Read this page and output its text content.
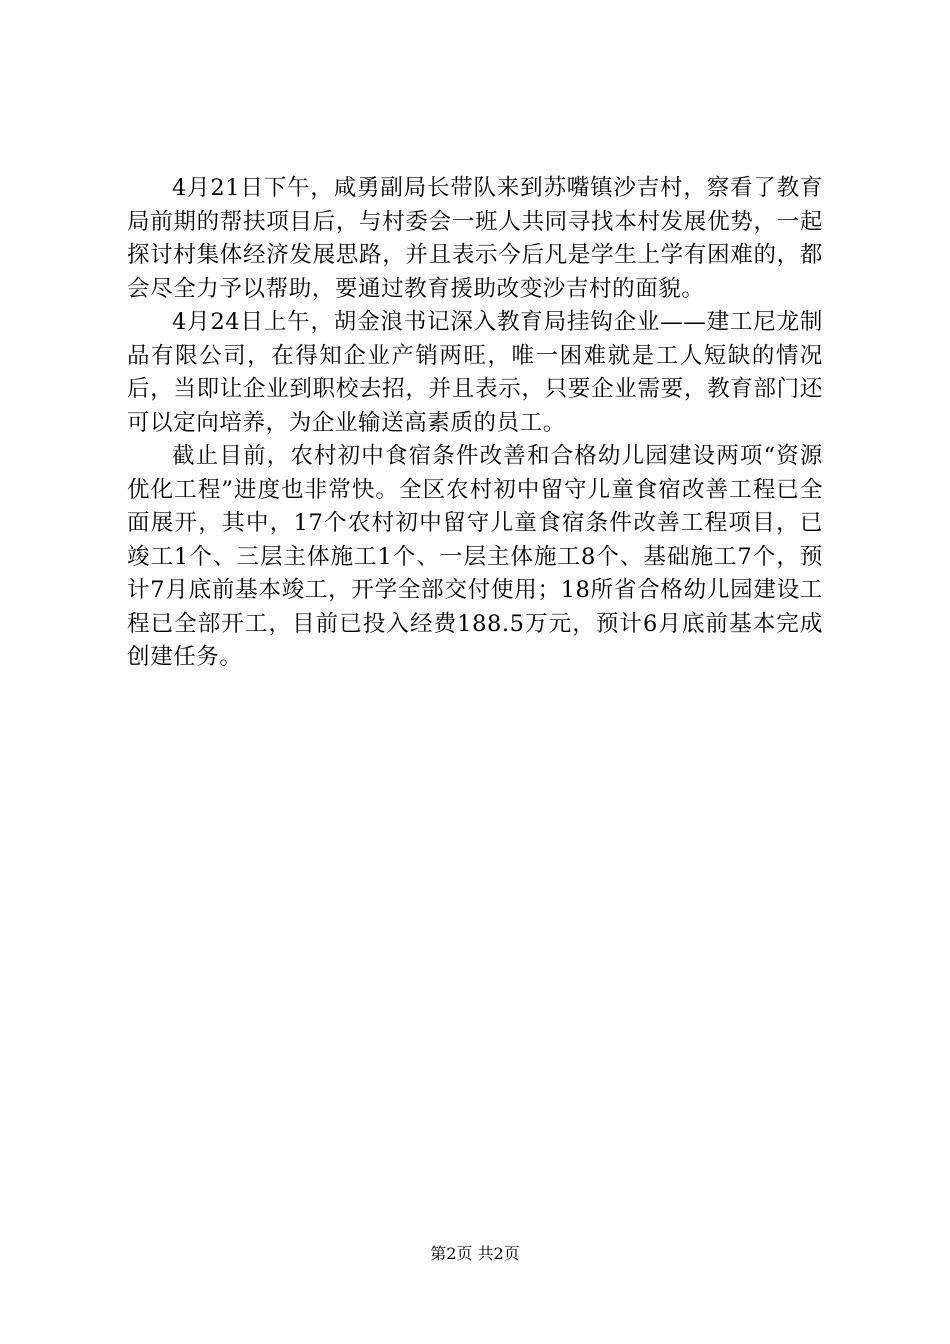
4月21日下午，咸勇副局长带队来到苏嘴镇沙吉村，察看了教育局前期的帮扶项目后，与村委会一班人共同寻找本村发展优势，一起探讨村集体经济发展思路，并且表示今后凡是学生上学有困难的，都会尽全力予以帮助，要通过教育援助改变沙吉村的面貌。

4月24日上午，胡金浪书记深入教育局挂钩企业——建工尼龙制品有限公司，在得知企业产销两旺，唯一困难就是工人短缺的情况后，当即让企业到职校去招，并且表示，只要企业需要，教育部门还可以定向培养，为企业输送高素质的员工。

截止目前，农村初中食宿条件改善和合格幼儿园建设两项“资源优化工程”进度也非常快。全区农村初中留守儿童食宿改善工程已全面展开，其中，17个农村初中留守儿童食宿条件改善工程项目，已竣工1个、三层主体施工1个、一层主体施工8个、基础施工7个，预计7月底前基本竣工，开学全部交付使用；18所省合格幼儿园建设工程已全部开工，目前已投入经费188.5万元，预计6月底前基本完成创建任务。

第2页 共2页
